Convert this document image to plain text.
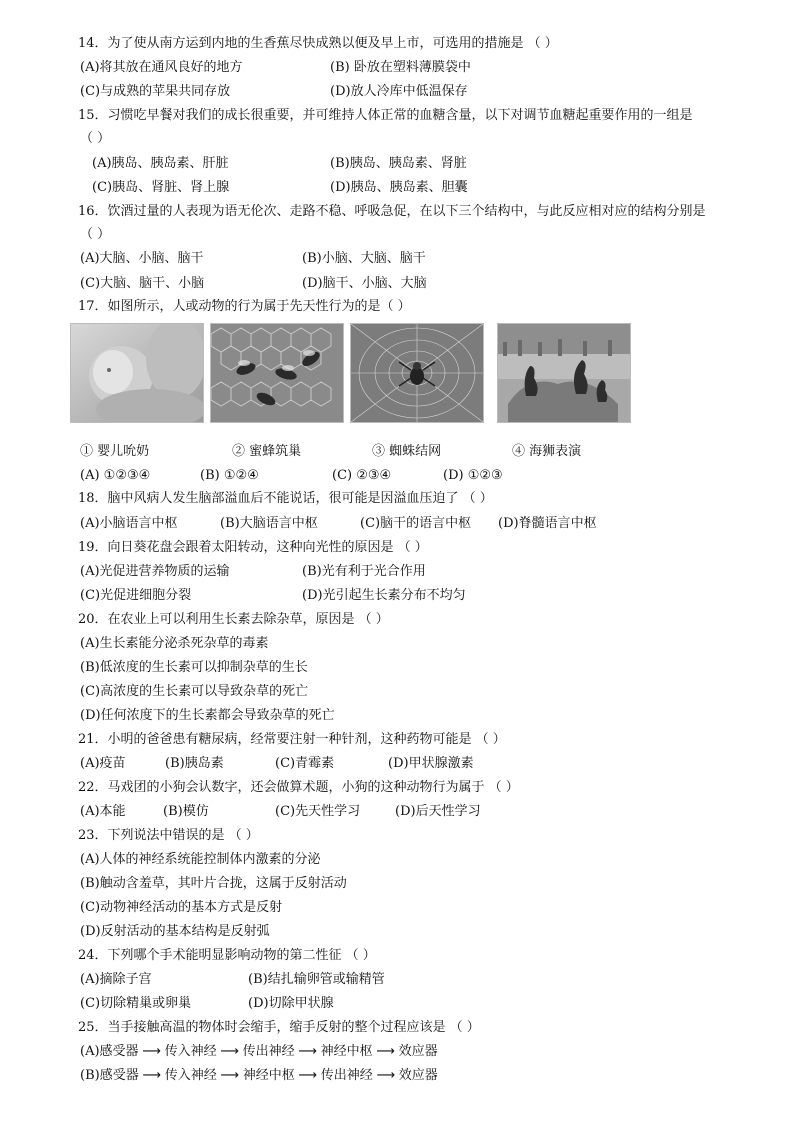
14．为了使从南方运到内地的生香蕉尽快成熟以便及早上市，可选用的措施是 （ ）
(A)将其放在通风良好的地方	(B) 卧放在塑料薄膜袋中
(C)与成熟的苹果共同存放	(D)放人冷库中低温保存
15．习惯吃早餐对我们的成长很重要，并可维持人体正常的血糖含量，以下对调节血糖起重要作用的一组是
（ ）
(A)胰岛、胰岛素、肝脏	(B)胰岛、胰岛素、肾脏
(C)胰岛、肾脏、肾上腺	(D)胰岛、胰岛素、胆囊
16．饮酒过量的人表现为语无伦次、走路不稳、呼吸急促，在以下三个结构中，与此反应相对应的结构分别是
（ ）
(A)大脑、小脑、脑干	(B)小脑、大脑、脑干
(C)大脑、脑干、小脑	(D)脑干、小脑、大脑
17．如图所示，人或动物的行为属于先天性行为的是（ ）
① 婴儿吮奶	② 蜜蜂筑巢	③ 蜘蛛结网	④ 海狮表演
(A) ①②③④	(B) ①②④	(C) ②③④	(D) ①②③
18．脑中风病人发生脑部溢血后不能说话，很可能是因溢血压迫了 （ ）
(A)小脑语言中枢	(B)大脑语言中枢	(C)脑干的语言中枢 (D)脊髓语言中枢
19．向日葵花盘会跟着太阳转动，这种向光性的原因是 （ ）
(A)光促进营养物质的运输	(B)光有利于光合作用
(C)光促进细胞分裂	(D)光引起生长素分布不均匀
20．在农业上可以利用生长素去除杂草，原因是 （ ）
(A)生长素能分泌杀死杂草的毒素
(B)低浓度的生长素可以抑制杂草的生长
(C)高浓度的生长素可以导致杂草的死亡
(D)任何浓度下的生长素都会导致杂草的死亡
21．小明的爸爸患有糖尿病，经常要注射一种针剂，这种药物可能是 （ ）
(A)疫苗	(B)胰岛素	(C)青霉素	(D)甲状腺激素
22．马戏团的小狗会认数字，还会做算术题，小狗的这种动物行为属于 （ ）
(A)本能	(B)模仿	(C)先天性学习	(D)后天性学习
23．下列说法中错误的是 （ ）
(A)人体的神经系统能控制体内激素的分泌
(B)触动含羞草，其叶片合拢，这属于反射活动
(C)动物神经活动的基本方式是反射
(D)反射活动的基本结构是反射弧
24．下列哪个手术能明显影响动物的第二性征 （ ）
(A)摘除子宫	(B)结扎输卵管或输精管
(C)切除精巢或卵巢	(D)切除甲状腺
25．当手接触高温的物体时会缩手，缩手反射的整个过程应该是 （ ）
(A)感受器 ⟶ 传入神经 ⟶ 传出神经 ⟶ 神经中枢 ⟶ 效应器
(B)感受器 ⟶ 传入神经 ⟶ 神经中枢 ⟶ 传出神经 ⟶ 效应器
